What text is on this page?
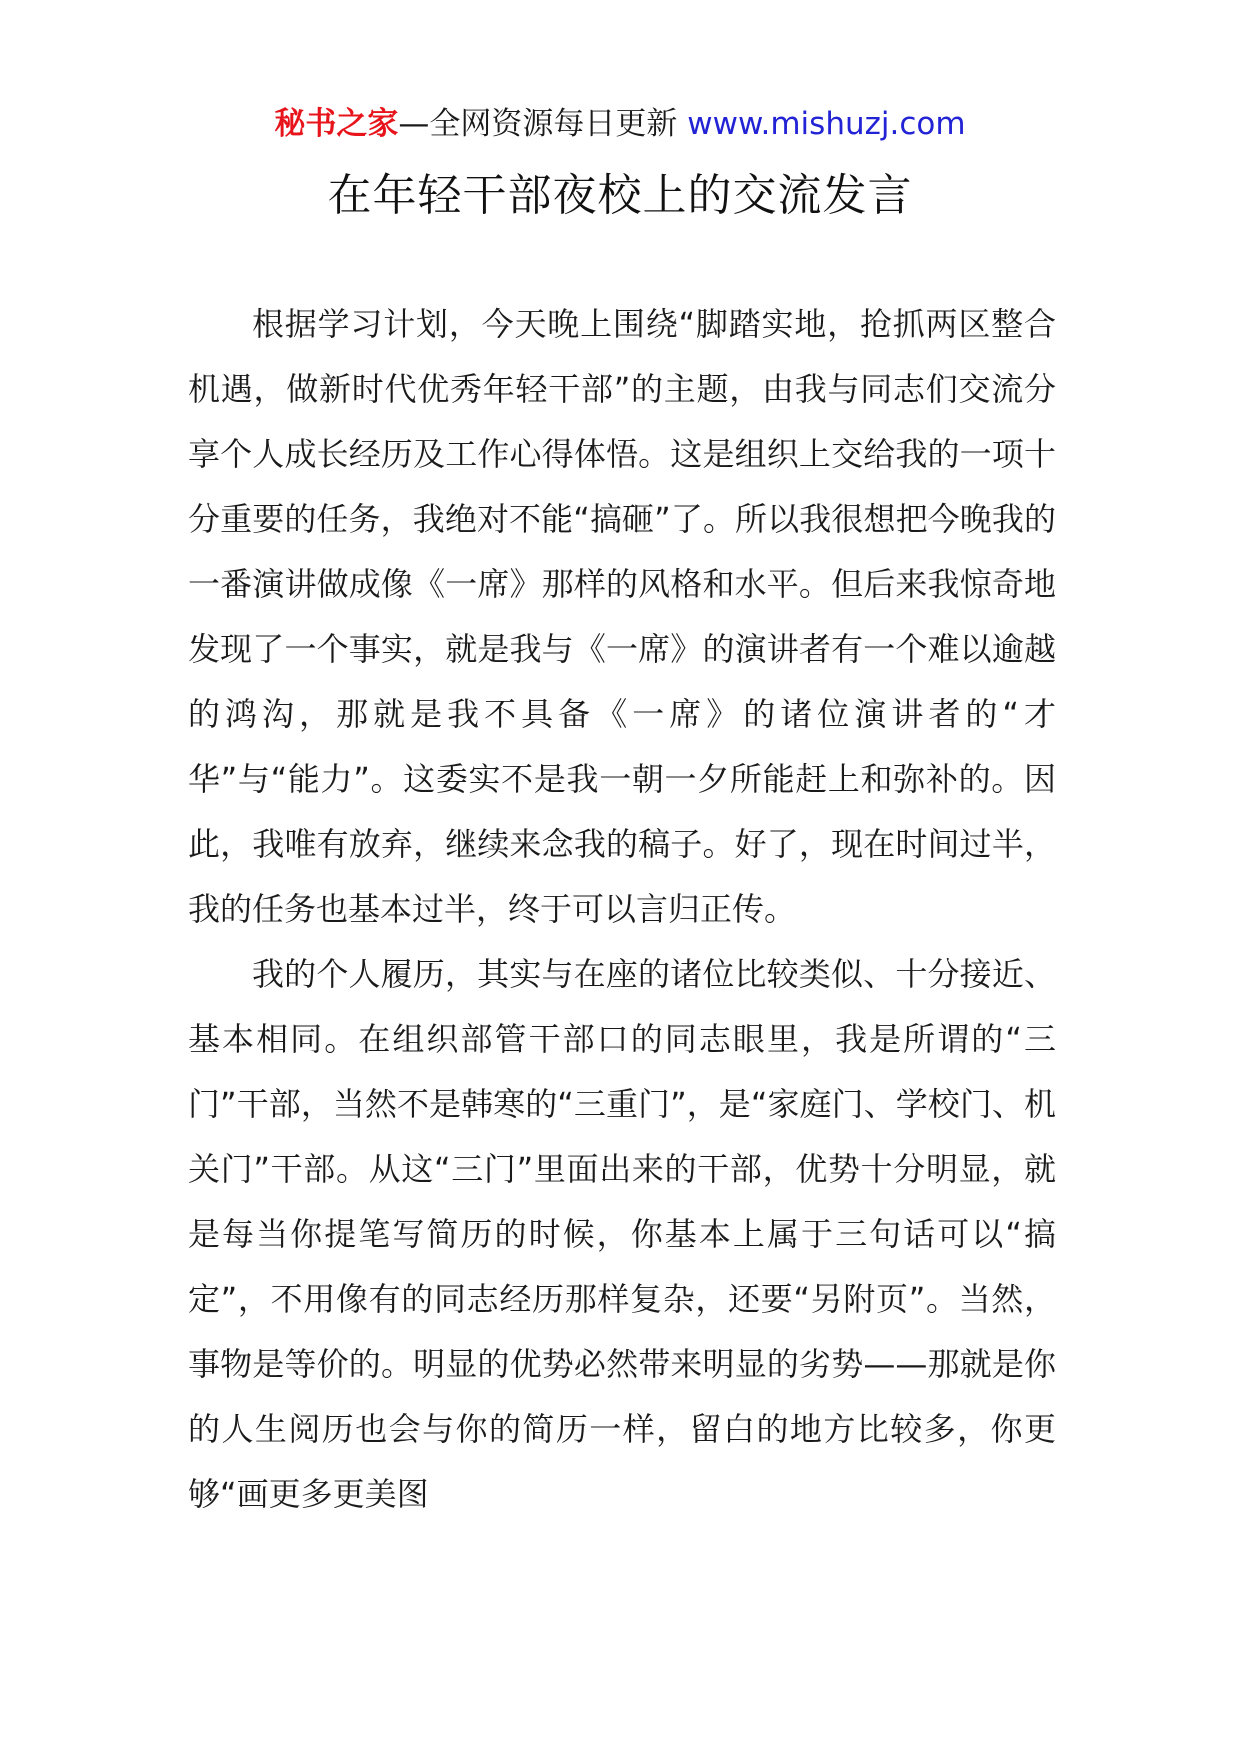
秘书之家—全网资源每日更新 www.mishuzj.com
在年轻干部夜校上的交流发言

根据学习计划，今天晚上围绕“脚踏实地，抢抓两区整合机遇，做新时代优秀年轻干部”的主题，由我与同志们交流分享个人成长经历及工作心得体悟。这是组织上交给我的一项十分重要的任务，我绝对不能“搞砸”了。所以我很想把今晚我的一番演讲做成像《一席》那样的风格和水平。但后来我惊奇地发现了一个事实，就是我与《一席》的演讲者有一个难以逾越的鸿沟，那就是我不具备《一席》的诸位演讲者的“才华”与“能力”。这委实不是我一朝一夕所能赶上和弥补的。因此，我唯有放弃，继续来念我的稿子。好了，现在时间过半，我的任务也基本过半，终于可以言归正传。

我的个人履历，其实与在座的诸位比较类似、十分接近、基本相同。在组织部管干部口的同志眼里，我是所谓的“三门”干部，当然不是韩寒的“三重门”，是“家庭门、学校门、机关门”干部。从这“三门”里面出来的干部，优势十分明显，就是每当你提笔写简历的时候，你基本上属于三句话可以“搞定”，不用像有的同志经历那样复杂，还要“另附页”。当然，事物是等价的。明显的优势必然带来明显的劣势——那就是你的人生阅历也会与你的简历一样，留白的地方比较多，你更够“画更多更美图
